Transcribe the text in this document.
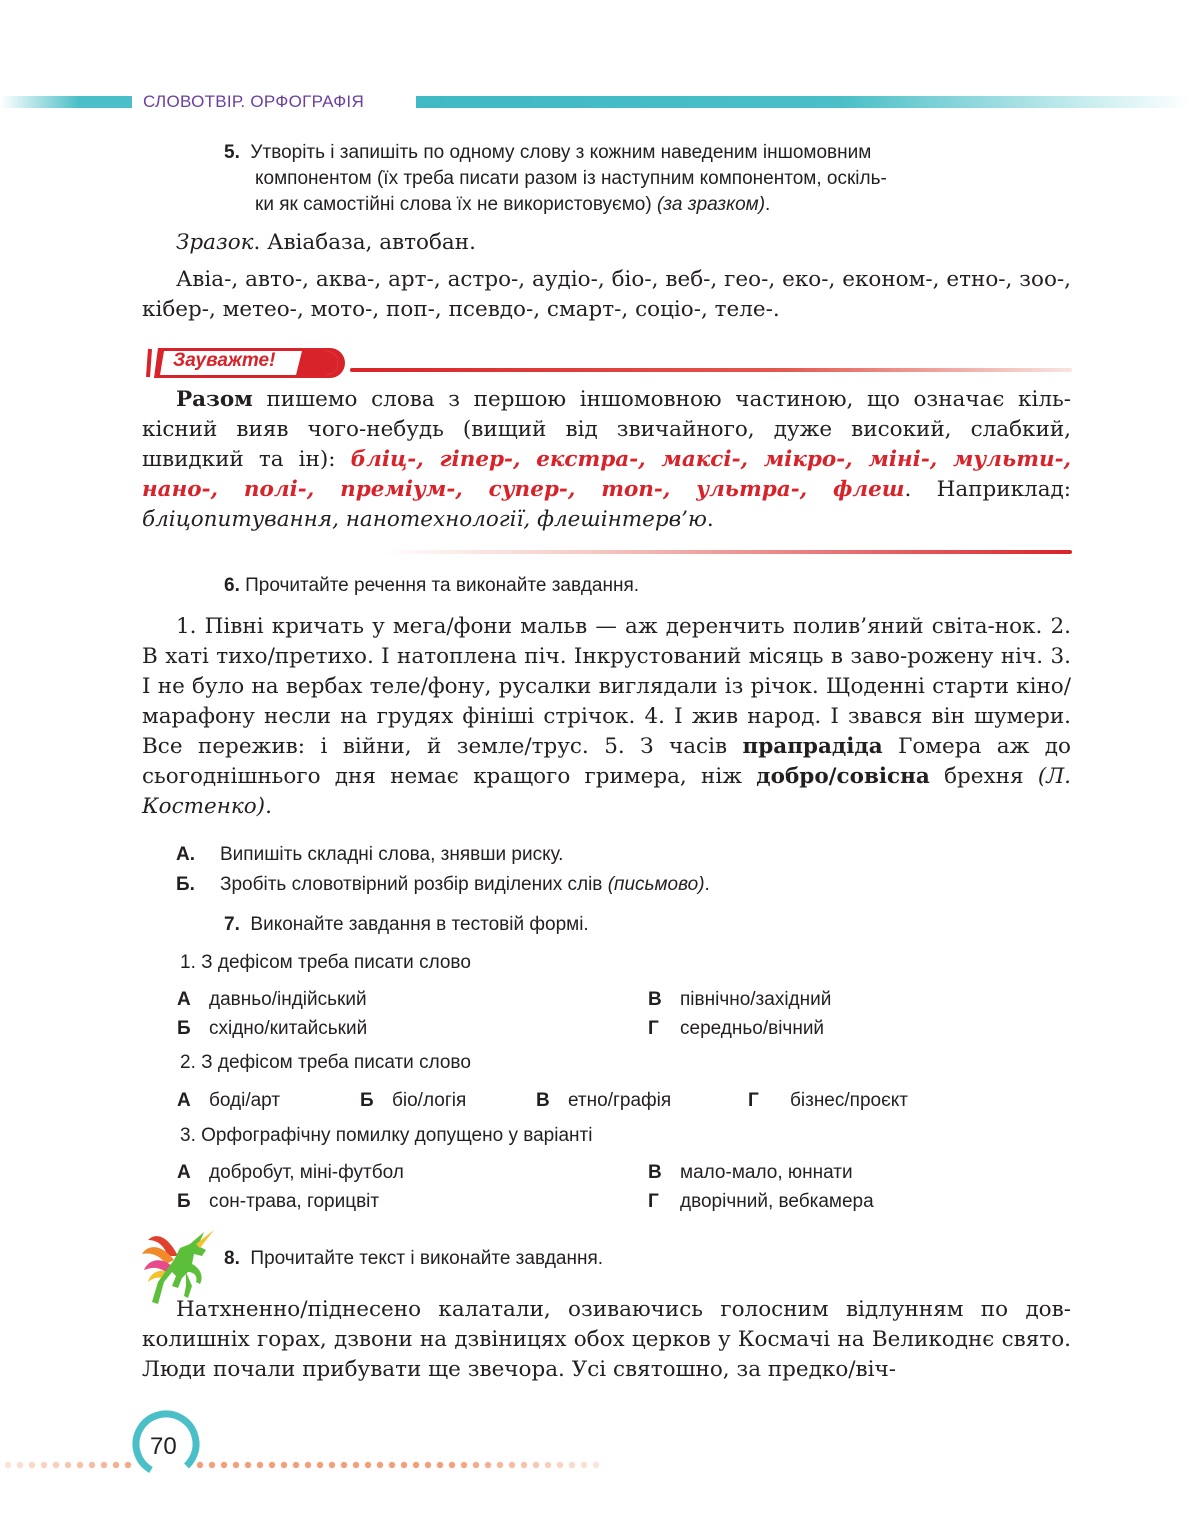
СЛОВОТВІР. ОРФОГРАФІЯ
5. Утворіть і запишіть по одному слову з кожним наведеним іншомовним
компонентом (їх треба писати разом із наступним компонентом, оскіль-
ки як самостійні слова їх не використовуємо) (за зразком).
Зразок. Авіабаза, автобан.
Авіа-, авто-, аква-, арт-, астро-, аудіо-, біо-, веб-, гео-, еко-, економ-, етно-, зоо-, кібер-, метео-, мото-, поп-, псевдо-, смарт-, соціо-, теле-.
Зауважте!
Разом пишемо слова з першою іншомовною частиною, що означає кіль-кісний вияв чого-небудь (вищий від звичайного, дуже високий, слабкий, швидкий та ін): бліц-, гіпер-, екстра-, максі-, мікро-, міні-, мульти-, нано-, полі-, преміум-, супер-, топ-, ультра-, флеш. Наприклад: бліцопитування, нанотехнології, флешінтерв’ю.
6. Прочитайте речення та виконайте завдання.
1. Півні кричать у мега/фони мальв — аж деренчить полив’яний світа-нок. 2. В хаті тихо/претихо. І натоплена піч. Інкрустований місяць в заво-рожену ніч. 3. І не було на вербах теле/фону, русалки виглядали із річок. Щоденні старти кіно/марафону несли на грудях фініші стрічок. 4. І жив народ. І звався він шумери. Все пережив: і війни, й земле/трус. 5. З часів прапрадіда Гомера аж до сьогоднішнього дня немає кращого гримера, ніж добро/совісна брехня (Л. Костенко).
А. Випишіть складні слова, знявши риску.
Б. Зробіть словотвірний розбір виділених слів (письмово).
7. Виконайте завдання в тестовій формі.
1. З дефісом треба писати слово
А давньо/індійський
Б східно/китайський
В північно/західний
Г середньо/вічний
2. З дефісом треба писати слово
А боді/арт	Б біо/логія	В етно/графія	Г бізнес/проєкт
3. Орфографічну помилку допущено у варіанті
А добробут, міні-футбол
Б сон-трава, горицвіт
В мало-мало, юннати
Г дворічний, вебкамера
8. Прочитайте текст і виконайте завдання.
Натхненно/піднесено калатали, озиваючись голосним відлунням по дов-колишніх горах, дзвони на дзвіницях обох церков у Космачі на Великоднє свято. Люди почали прибувати ще звечора. Усі святошно, за предко/віч-
70
